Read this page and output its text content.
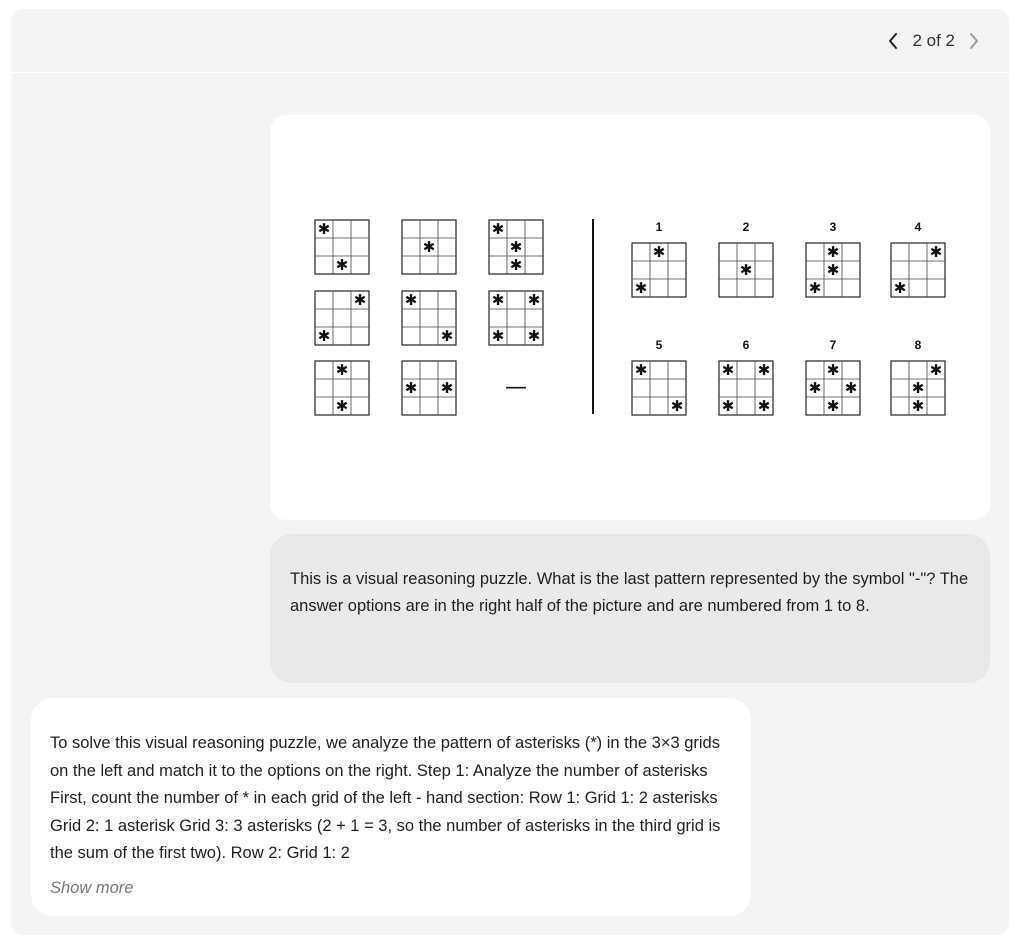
2 of 2
—
✱
✱
✱
✱
✱
✱
✱
✱
✱
✱
✱ ✱
✱ ✱
✱
✱
✱ ✱
1
✱
✱
2
✱
3
✱
✱
✱
4
✱
✱
5
✱
✱
6
✱ ✱
✱ ✱
7
✱
✱ ✱
✱
8
✱
✱
✱

This is a visual reasoning puzzle. What is the last pattern represented by the symbol "-"? The answer options are in the right half of the picture and are numbered from 1 to 8.

To solve this visual reasoning puzzle, we analyze the pattern of asterisks (*) in the 3×3 grids on the left and match it to the options on the right. Step 1: Analyze the number of asterisks First, count the number of * in each grid of the left - hand section: Row 1: Grid 1: 2 asterisks Grid 2: 1 asterisk Grid 3: 3 asterisks (2 + 1 = 3, so the number of asterisks in the third grid is the sum of the first two). Row 2: Grid 1: 2
Show more
